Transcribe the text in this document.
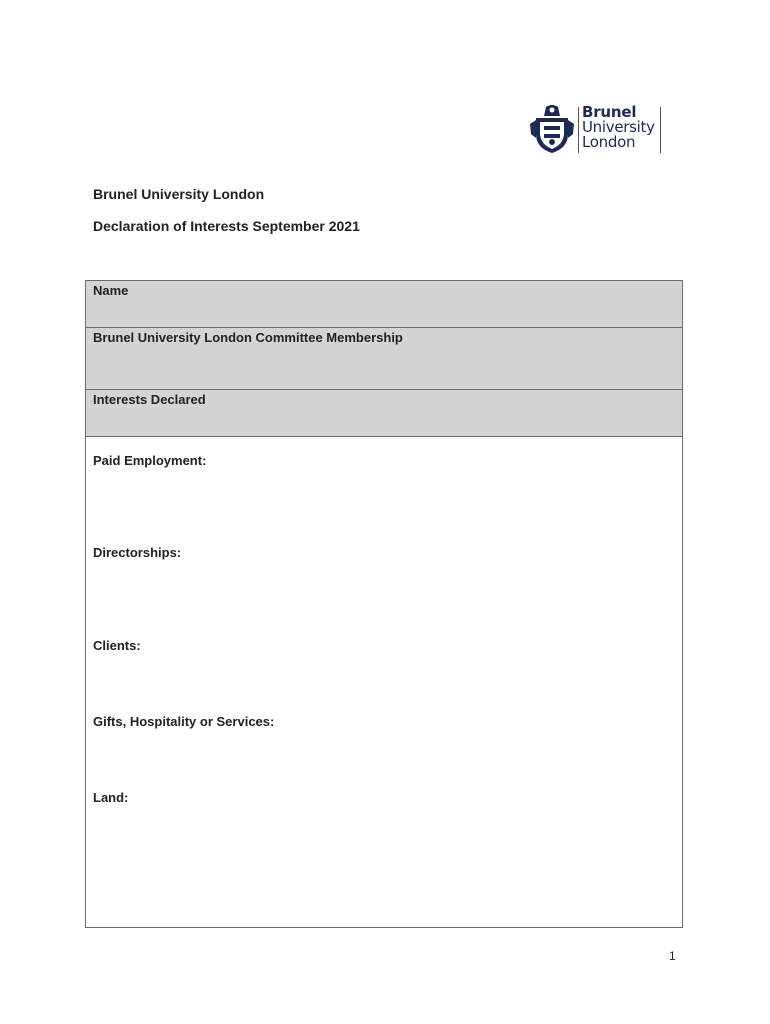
Brunel
University
London
Brunel University London
Declaration of Interests September 2021
Name
Brunel University London Committee Membership
Interests Declared
Paid Employment:
Directorships:
Clients:
Gifts, Hospitality or Services:
Land:
1
